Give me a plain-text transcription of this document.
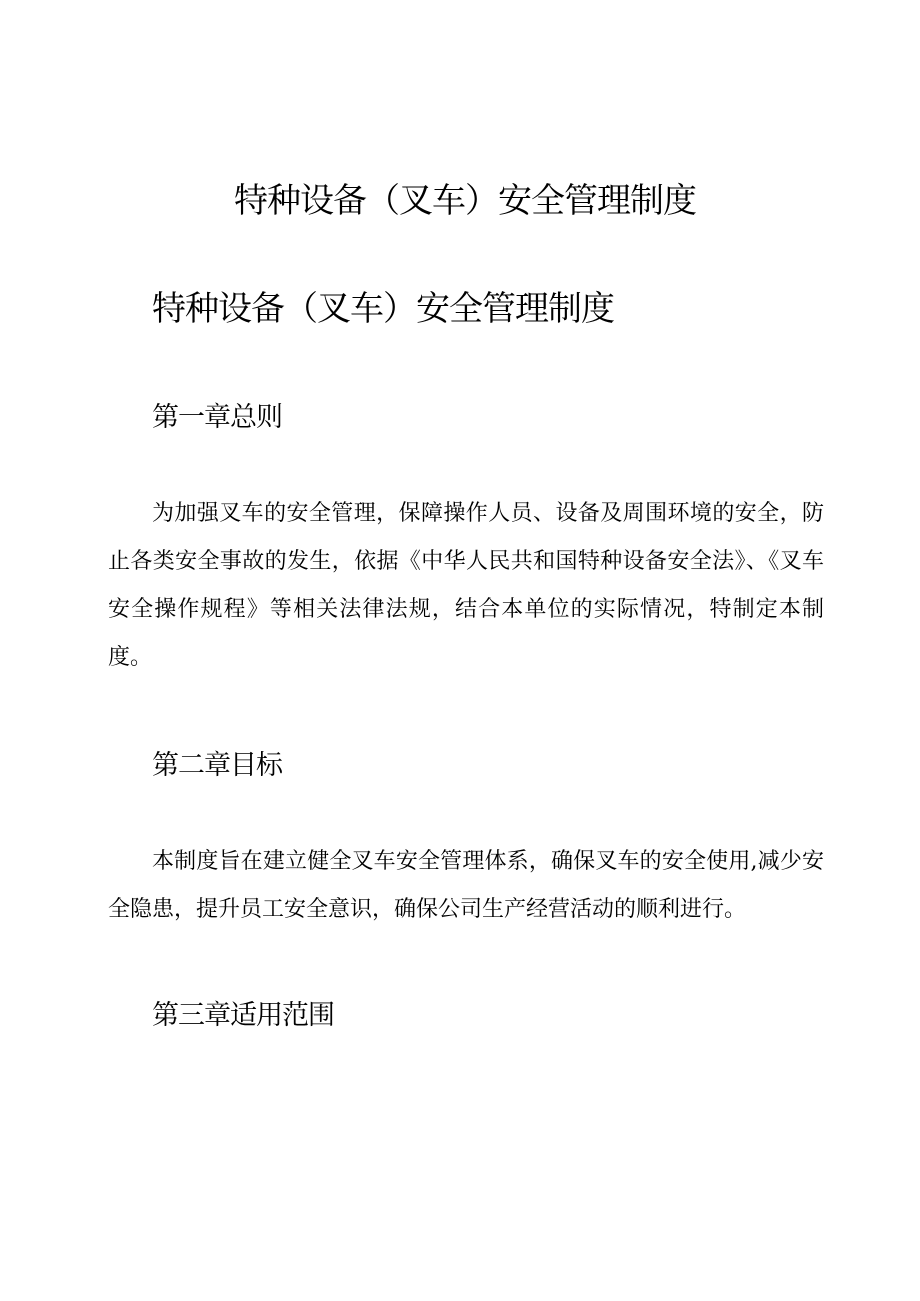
特种设备（叉车）安全管理制度
特种设备（叉车）安全管理制度
第一章总则

为加强叉车的安全管理，保障操作人员、设备及周围环境的安全，防止各类安全事故的发生，依据《中华人民共和国特种设备安全法》、《叉车安全操作规程》等相关法律法规，结合本单位的实际情况，特制定本制度。

第二章目标

本制度旨在建立健全叉车安全管理体系，确保叉车的安全使用,减少安全隐患，提升员工安全意识，确保公司生产经营活动的顺利进行。

第三章适用范围
